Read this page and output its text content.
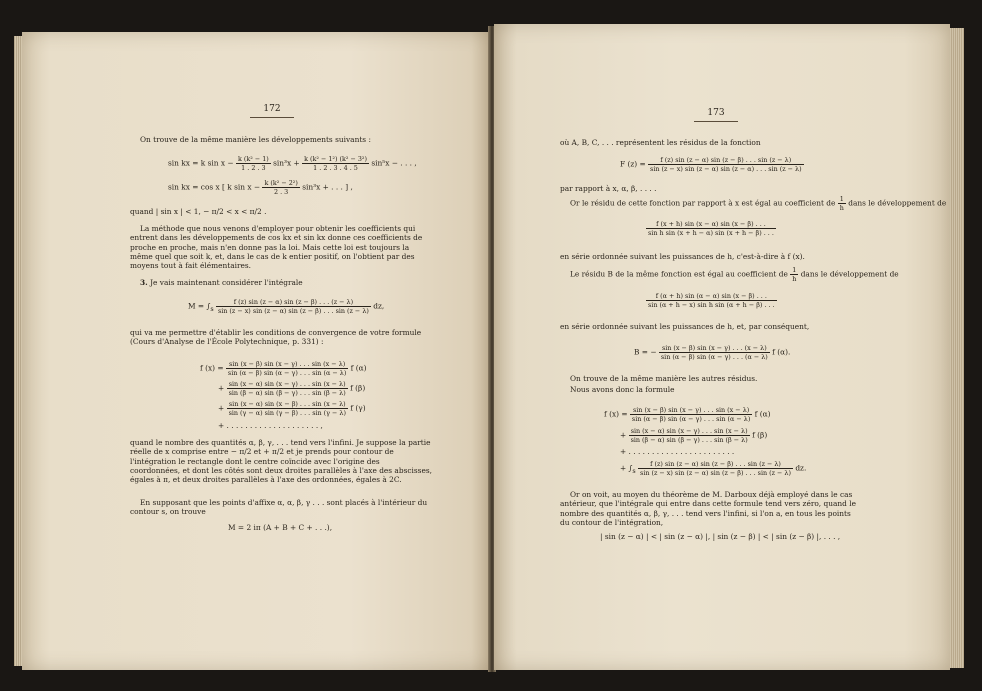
172
On trouve de la même manière les développements suivants :
sin kx = k $\sin x - \frac{\text{k (k² − 1)}}{1 . 2 . 3} \sin^3x + \frac{\text{k (k² − 1²) (k² − 3²)}}{1 . 2 . 3 . 4 . 5} \sin^5x$ − . . . ,
sin kx = cos x [ k $\sin x - \frac{\text{k (k² − 2²)}}{2 . 3} \sin^3x$ + . . . ] ,
quand | sin x | < 1, − π/2 < x < π/2 .
La méthode que nous venons d'employer pour obtenir les coefficients qui entrent dans les développements de cos kx et sin kx donne ces coefficients de proche en proche, mais n'en donne pas la loi. Mais cette loi est toujours la même quel que soit k, et, dans le cas de k entier positif, on l'obtient par des moyens tout à fait élémentaires.
3. Je vais maintenant considérer l'intégrale
$M = \int_s \frac{f (z) \sin (z - \alpha) \sin (z - \beta) . . . (z - \lambda)}{\sin (z - x) \sin (z - \alpha) \sin (z - \beta) . . . \sin (z - \lambda)}$ dz,
qui va me permettre d'établir les conditions de convergence de votre formule (Cours d'Analyse de l'École Polytechnique, p. 331) :
f $(x) = \frac{\sin (x - \beta) \sin (x - \gamma) . . . \sin (x - \lambda)}{\sin (\alpha - \beta) \sin (\alpha - \gamma) . . . \sin (\alpha - \lambda)}$ f (α)
+ $\frac{\sin (x - \alpha) \sin (x - \gamma) . . . \sin (x - \lambda)}{\sin (\beta - \alpha) \sin (\beta - \gamma) . . . \sin (\beta - \lambda)}$ f (β)
+ $\frac{\sin (x - \alpha) \sin (x - \beta) . . . \sin (x - \lambda)}{\sin (\gamma - \alpha) \sin (\gamma - \beta) . . . \sin (\gamma - \lambda)}$ f (γ)
+ . . . . . . . . . . . . . . . . . . . . ,
quand le nombre des quantités α, β, γ, . . . tend vers l'infini. Je suppose la partie réelle de x comprise entre − π/2 et + π/2 et je prends pour contour de l'intégration le rectangle dont le centre coïncide avec l'origine des coordonnées, et dont les côtés sont deux droites parallèles à l'axe des abscisses, égales à π, et deux droites parallèles à l'axe des ordonnées, égales à 2C.
En supposant que les points d'affixe α, α, β, γ . . . sont placés à l'intérieur du contour s, on trouve
M = 2 iπ (A + B + C + . . .),
173
où A, B, C, . . . représentent les résidus de la fonction
F $(z) = \frac{f (z) \sin (z - \alpha) \sin (z - \beta) . . . \sin (z - \lambda)}{\sin (z - x) \sin (z - \alpha) \sin (z - \alpha) . . . \sin (z - \lambda)}$
par rapport à x, α, β, . . . .
Or le résidu de cette fonction par rapport à x est égal au coefficient de $\frac{1}{h}$ dans le développement de
$\frac{f (x + h) \sin (x - \alpha) \sin (x - \beta) . . .}{\text{sin h sin (x + h − α) sin (x + h − β) . . .}}$
en série ordonnée suivant les puissances de h, c'est-à-dire à f (x).
Le résidu B de la même fonction est égal au coefficient de $\frac{1}{h}$ dans le développement de
$\frac{f (\alpha + h) \sin (\alpha - \alpha) \sin (x - \beta) . . .}{\text{sin (α + h − x) sin h sin (α + h − β) . . .}}$
en série ordonnée suivant les puissances de h, et, par conséquent,
B = − $\frac{\sin (x - \beta) \sin (x - \gamma) . . . (x - \lambda)}{\sin (\alpha - \beta) \sin (\alpha - \gamma) . . . (\alpha - \lambda)}$ f (α).
On trouve de la même manière les autres résidus.
Nous avons donc la formule
f $(x) = \frac{\sin (x - \beta) \sin (x - \gamma) . . . \sin (x - \lambda)}{\sin (\alpha - \beta) \sin (\alpha - \gamma) . . . \sin (\alpha - \lambda)}$ f (α)
+ $\frac{\sin (x - \alpha) \sin (x - \gamma) . . . \sin (x - \lambda)}{\sin (\beta - \alpha) \sin (\beta - \gamma) . . . \sin (\beta - \lambda)}$ f (β)
+ . . . . . . . . . . . . . . . . . . . . . . .
+ $\int_s \frac{f (z) \sin (z - \alpha) \sin (z - \beta) . . . \sin (z - \lambda)}{\sin (z - x) \sin (z - \alpha) \sin (z - \beta) . . . \sin (z - \lambda)}$ dz.
Or on voit, au moyen du théorème de M. Darboux déjà employé dans le cas antérieur, que l'intégrale qui entre dans cette formule tend vers zéro, quand le nombre des quantités α, β, γ, . . . tend vers l'infini, si l'on a, en tous les points du contour de l'intégration,
| sin (z − α) | < | sin (z − α) |, | sin (z − β) | < | sin (z − β) |, . . . ,
